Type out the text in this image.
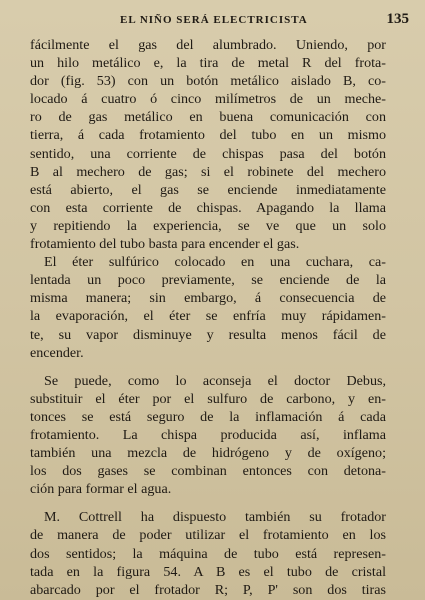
EL NIÑO SERÁ ELECTRICISTA	135
fácilmente el gas del alumbrado. Uniendo, por
un hilo metálico e, la tira de metal R del frota-
dor (fig. 53) con un botón metálico aislado B, co-
locado á cuatro ó cinco milímetros de un meche-
ro de gas metálico en buena comunicación con
tierra, á cada frotamiento del tubo en un mismo
sentido, una corriente de chispas pasa del botón
B al mechero de gas; si el robinete del mechero
está abierto, el gas se enciende inmediatamente
con esta corriente de chispas. Apagando la llama
y repitiendo la experiencia, se ve que un solo
frotamiento del tubo basta para encender el gas.
El éter sulfúrico colocado en una cuchara, ca-
lentada un poco previamente, se enciende de la
misma manera; sin embargo, á consecuencia de
la evaporación, el éter se enfría muy rápidamen-
te, su vapor disminuye y resulta menos fácil de
encender.
Se puede, como lo aconseja el doctor Debus,
substituir el éter por el sulfuro de carbono, y en-
tonces se está seguro de la inflamación á cada
frotamiento. La chispa producida así, inflama
también una mezcla de hidrógeno y de oxígeno;
los dos gases se combinan entonces con detona-
ción para formar el agua.
M. Cottrell ha dispuesto también su frotador
de manera de poder utilizar el frotamiento en los
dos sentidos; la máquina de tubo está represen-
tada en la figura 54. A B es el tubo de cristal
abarcado por el frotador R; P, P' son dos tiras
